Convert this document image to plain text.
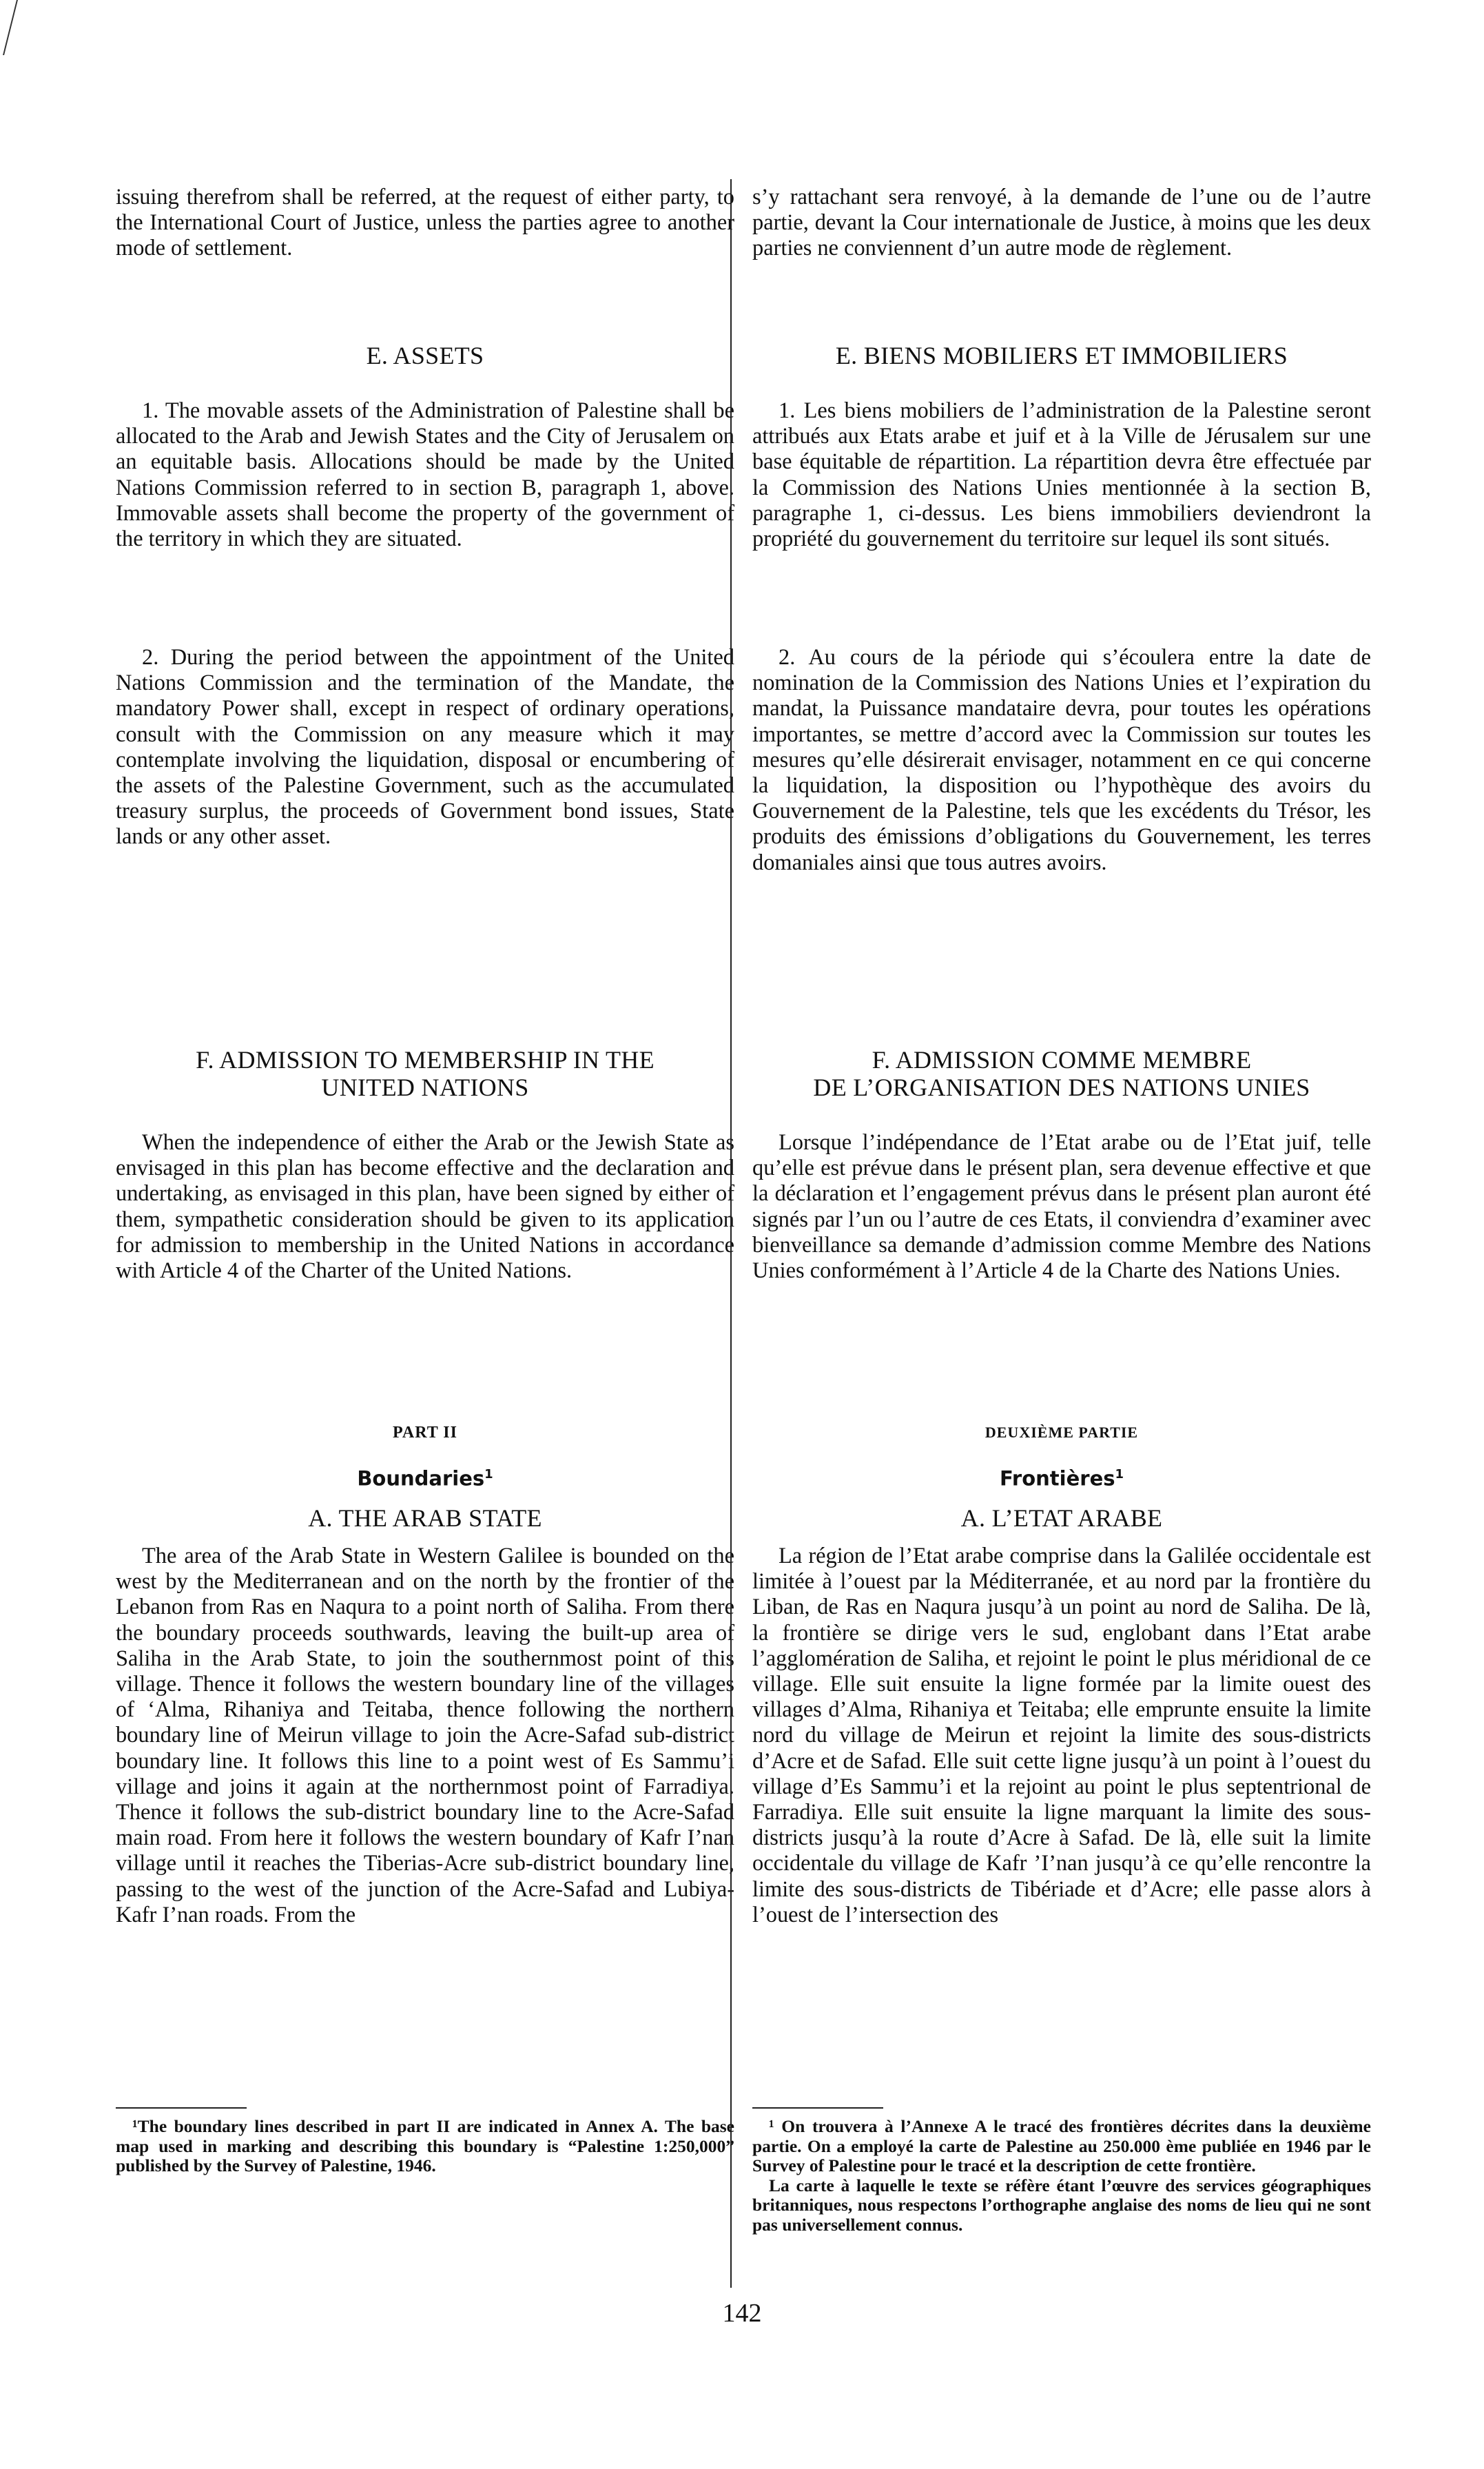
issuing therefrom shall be referred, at the request of either party, to the International Court of Justice, unless the parties agree to another mode of settlement.

E. ASSETS

1. The movable assets of the Administration of Palestine shall be allocated to the Arab and Jewish States and the City of Jerusalem on an equitable basis. Allocations should be made by the United Nations Commission referred to in section B, paragraph 1, above. Immovable assets shall become the property of the government of the territory in which they are situated.

2. During the period between the appointment of the United Nations Commission and the termination of the Mandate, the mandatory Power shall, except in respect of ordinary operations, consult with the Commission on any measure which it may contemplate involving the liquidation, disposal or encumbering of the assets of the Palestine Government, such as the accumulated treasury surplus, the proceeds of Government bond issues, State lands or any other asset.

F. ADMISSION TO MEMBERSHIP IN THE
UNITED NATIONS

When the independence of either the Arab or the Jewish State as envisaged in this plan has become effective and the declaration and undertaking, as envisaged in this plan, have been signed by either of them, sympathetic consideration should be given to its application for admission to membership in the United Nations in accordance with Article 4 of the Charter of the United Nations.

PART II

Boundaries$^1$

A. THE ARAB STATE

The area of the Arab State in Western Galilee is bounded on the west by the Mediterranean and on the north by the frontier of the Lebanon from Ras en Naqura to a point north of Saliha. From there the boundary proceeds southwards, leaving the built-up area of Saliha in the Arab State, to join the southernmost point of this village. Thence it follows the western boundary line of the villages of ‘Alma, Rihaniya and Teitaba, thence following the northern boundary line of Meirun village to join the Acre-Safad sub-district boundary line. It follows this line to a point west of Es Sammu’i village and joins it again at the northernmost point of Farradiya. Thence it follows the sub-district boundary line to the Acre-Safad main road. From here it follows the western boundary of Kafr I’nan village until it reaches the Tiberias-Acre sub-district boundary line, passing to the west of the junction of the Acre-Safad and Lubiya-Kafr I’nan roads. From the

¹The boundary lines described in part II are indicated in Annex A. The base map used in marking and describing this boundary is “Palestine 1:250,000” published by the Survey of Palestine, 1946.

s’y rattachant sera renvoyé, à la demande de l’une ou de l’autre partie, devant la Cour internationale de Justice, à moins que les deux parties ne conviennent d’un autre mode de règlement.

E. BIENS MOBILIERS ET IMMOBILIERS

1. Les biens mobiliers de l’administration de la Palestine seront attribués aux Etats arabe et juif et à la Ville de Jérusalem sur une base équitable de répartition. La répartition devra être effectuée par la Commission des Nations Unies mentionnée à la section B, paragraphe 1, ci-dessus. Les biens immobiliers deviendront la propriété du gouvernement du territoire sur lequel ils sont situés.

2. Au cours de la période qui s’écoulera entre la date de nomination de la Commission des Nations Unies et l’expiration du mandat, la Puissance mandataire devra, pour toutes les opérations importantes, se mettre d’accord avec la Commission sur toutes les mesures qu’elle désirerait envisager, notamment en ce qui concerne la liquidation, la disposition ou l’hypothèque des avoirs du Gouvernement de la Palestine, tels que les excédents du Trésor, les produits des émissions d’obligations du Gouvernement, les terres domaniales ainsi que tous autres avoirs.

F. ADMISSION COMME MEMBRE
DE L’ORGANISATION DES NATIONS UNIES

Lorsque l’indépendance de l’Etat arabe ou de l’Etat juif, telle qu’elle est prévue dans le présent plan, sera devenue effective et que la déclaration et l’engagement prévus dans le présent plan auront été signés par l’un ou l’autre de ces Etats, il conviendra d’examiner avec bienveillance sa demande d’admission comme Membre des Nations Unies conformément à l’Article 4 de la Charte des Nations Unies.

DEUXIÈME PARTIE

Frontières$^1$

A. L’ETAT ARABE

La région de l’Etat arabe comprise dans la Galilée occidentale est limitée à l’ouest par la Méditerranée, et au nord par la frontière du Liban, de Ras en Naqura jusqu’à un point au nord de Saliha. De là, la frontière se dirige vers le sud, englobant dans l’Etat arabe l’agglomération de Saliha, et rejoint le point le plus méridional de ce village. Elle suit ensuite la ligne formée par la limite ouest des villages d’Alma, Rihaniya et Teitaba; elle emprunte ensuite la limite nord du village de Meirun et rejoint la limite des sous-districts d’Acre et de Safad. Elle suit cette ligne jusqu’à un point à l’ouest du village d’Es Sammu’i et la rejoint au point le plus septentrional de Farradiya. Elle suit ensuite la ligne marquant la limite des sous-districts jusqu’à la route d’Acre à Safad. De là, elle suit la limite occidentale du village de Kafr ’I’nan jusqu’à ce qu’elle rencontre la limite des sous-districts de Tibériade et d’Acre; elle passe alors à l’ouest de l’intersection des

¹ On trouvera à l’Annexe A le tracé des frontières décrites dans la deuxième partie. On a employé la carte de Palestine au 250.000 ème publiée en 1946 par le Survey of Palestine pour le tracé et la description de cette frontière.

La carte à laquelle le texte se réfère étant l’œuvre des services géographiques britanniques, nous respectons l’orthographe anglaise des noms de lieu qui ne sont pas universellement connus.

142
